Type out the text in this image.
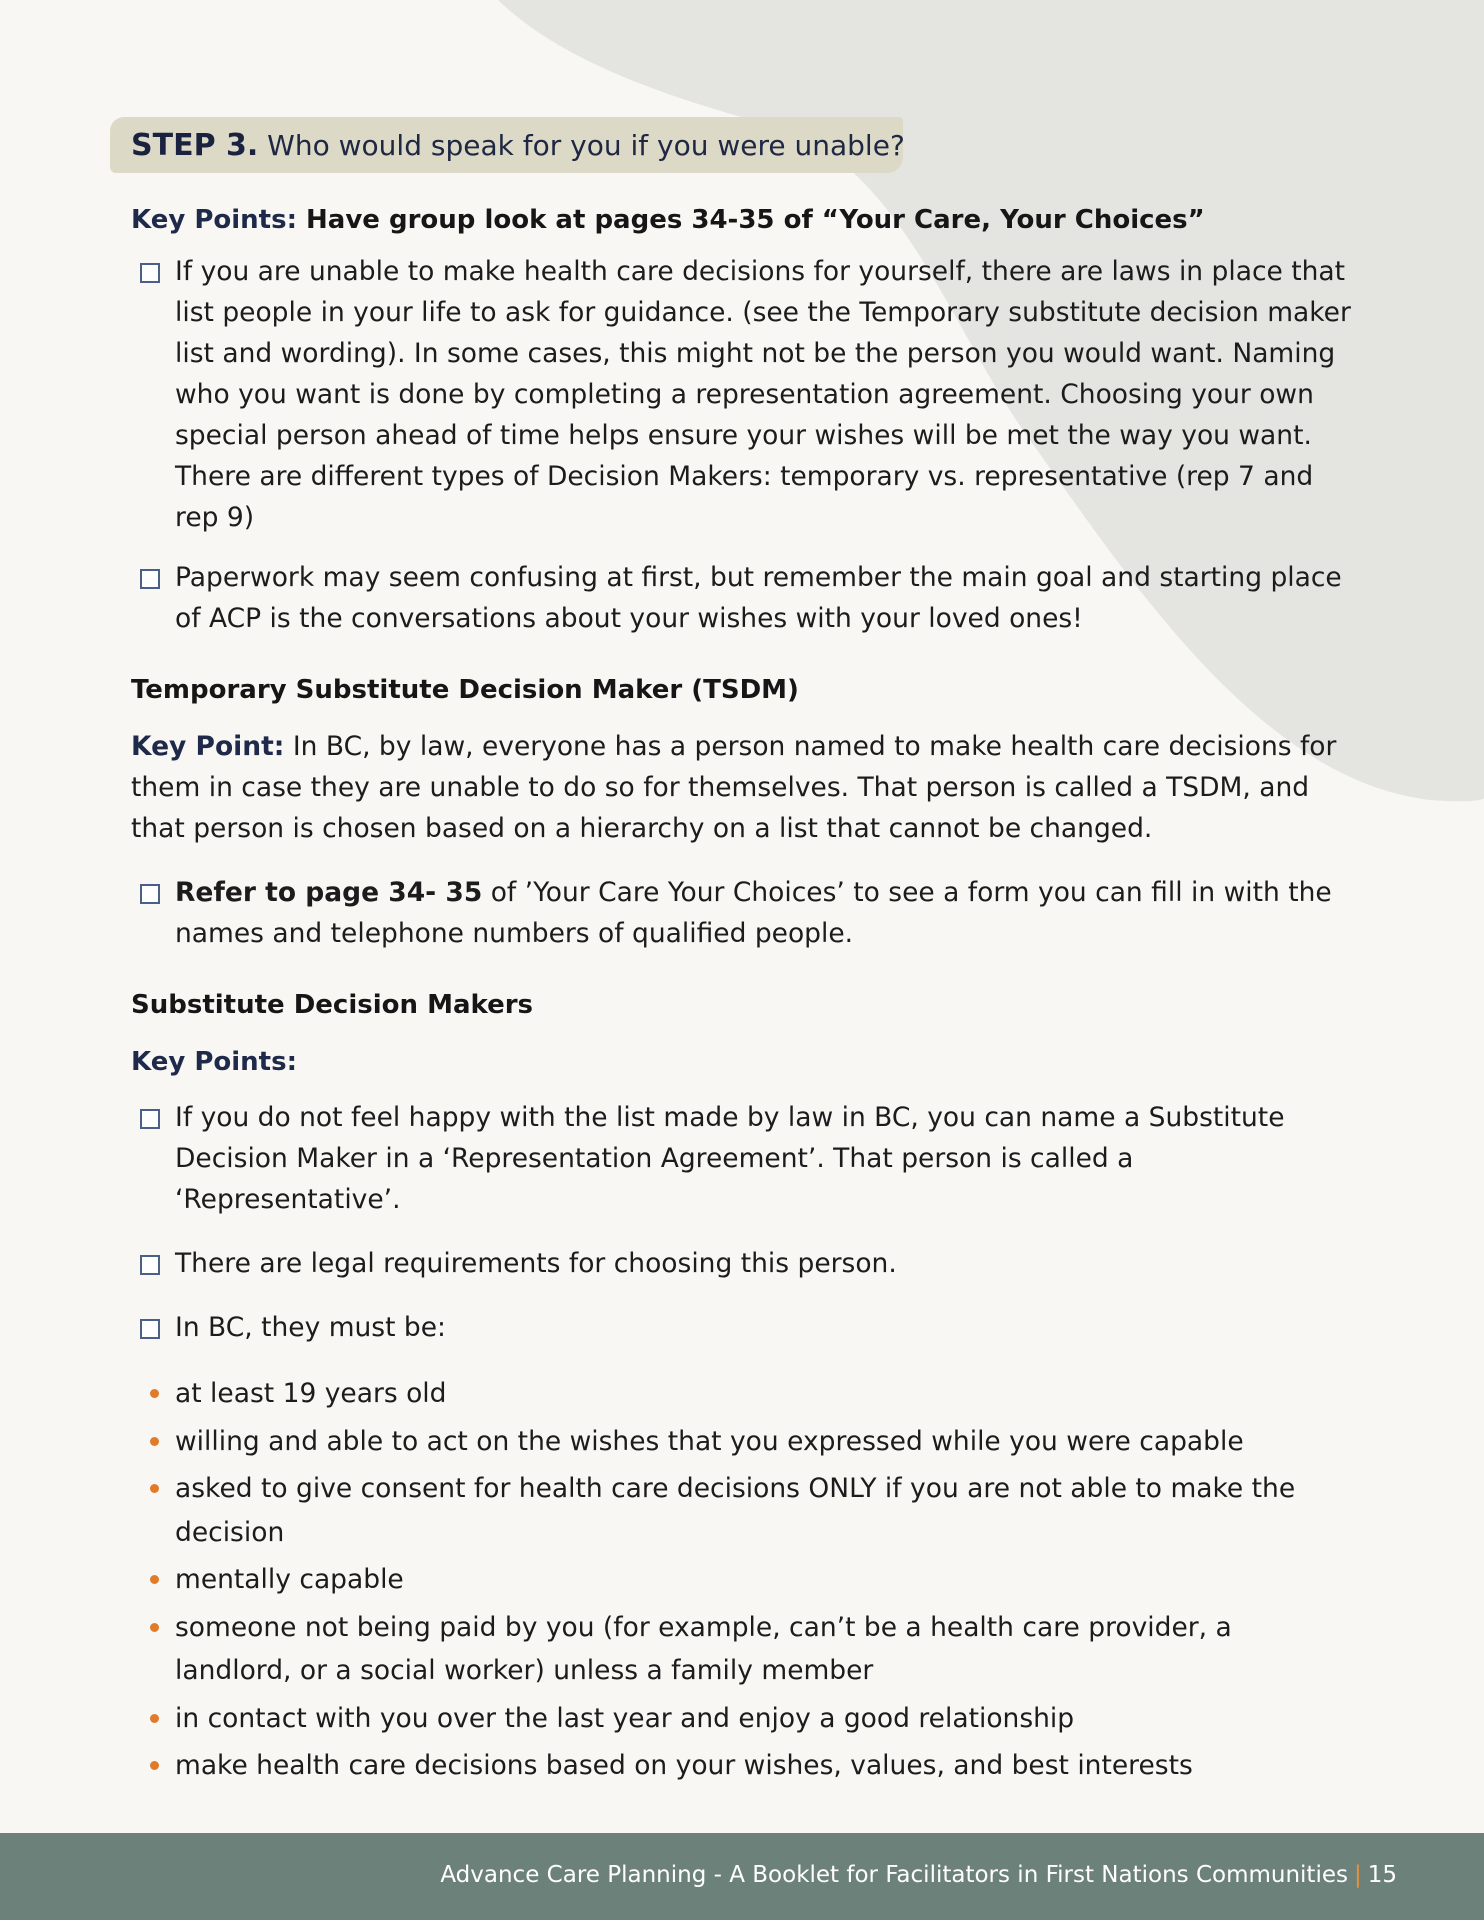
STEP 3. Who would speak for you if you were unable?
Key Points: Have group look at pages 34-35 of “Your Care, Your Choices”
If you are unable to make health care decisions for yourself, there are laws in place that list people in your life to ask for guidance. (see the Temporary substitute decision maker list and wording). In some cases, this might not be the person you would want. Naming who you want is done by completing a representation agreement. Choosing your own special person ahead of time helps ensure your wishes will be met the way you want. There are different types of Decision Makers: temporary vs. representative (rep 7 and rep 9)
Paperwork may seem confusing at first, but remember the main goal and starting place of ACP is the conversations about your wishes with your loved ones!
Temporary Substitute Decision Maker (TSDM)
Key Point: In BC, by law, everyone has a person named to make health care decisions for them in case they are unable to do so for themselves. That person is called a TSDM, and that person is chosen based on a hierarchy on a list that cannot be changed.
Refer to page 34- 35 of ’Your Care Your Choices’ to see a form you can fill in with the names and telephone numbers of qualified people.
Substitute Decision Makers
Key Points:
If you do not feel happy with the list made by law in BC, you can name a Substitute Decision Maker in a ‘Representation Agreement’. That person is called a ‘Representative’.
There are legal requirements for choosing this person.
In BC, they must be:
at least 19 years old
willing and able to act on the wishes that you expressed while you were capable
asked to give consent for health care decisions ONLY if you are not able to make the decision
mentally capable
someone not being paid by you (for example, can’t be a health care provider, a landlord, or a social worker) unless a family member
in contact with you over the last year and enjoy a good relationship
make health care decisions based on your wishes, values, and best interests
Advance Care Planning - A Booklet for Facilitators in First Nations Communities | 15
